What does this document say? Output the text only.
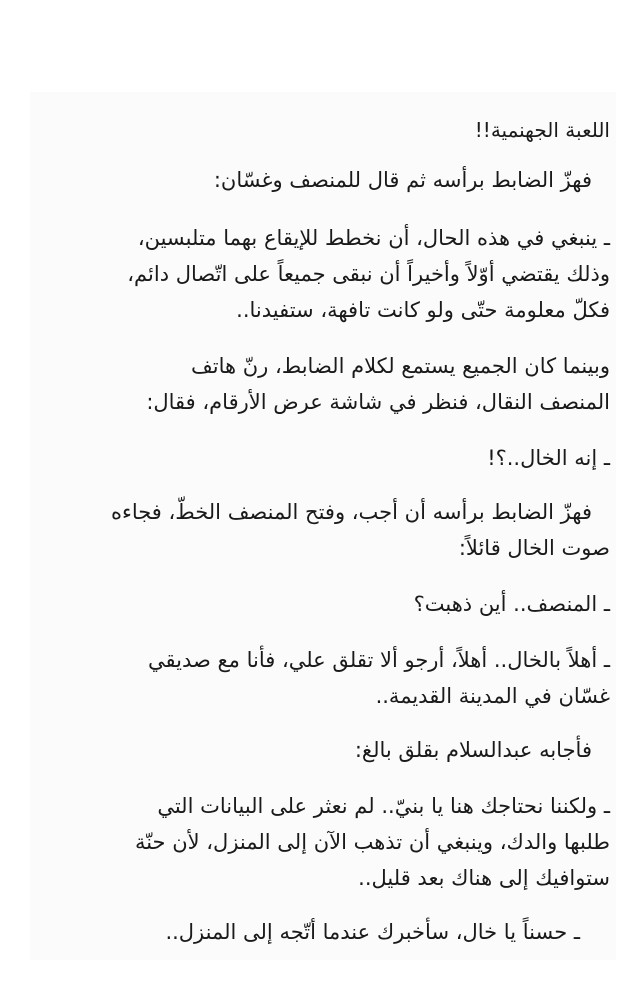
اللعبة الجهنمية!!
فهزّ الضابط برأسه ثم قال للمنصف وغسّان:
ـ ينبغي في هذه الحال، أن نخطط للإيقاع بهما متلبسين،
وذلك يقتضي أوّلاً وأخيراً أن نبقى جميعاً على اتّصال دائم،
فكلّ معلومة حتّى ولو كانت تافهة، ستفيدنا..
وبينما كان الجميع يستمع لكلام الضابط، رنّ هاتف
المنصف النقال، فنظر في شاشة عرض الأرقام، فقال:
ـ إنه الخال..؟!
فهزّ الضابط برأسه أن أجب، وفتح المنصف الخطّ، فجاءه
صوت الخال قائلاً:
ـ المنصف.. أين ذهبت؟
ـ أهلاً بالخال.. أهلاً، أرجو ألا تقلق علي، فأنا مع صديقي
غسّان في المدينة القديمة..
فأجابه عبدالسلام بقلق بالغ:
ـ ولكننا نحتاجك هنا يا بنيّ.. لم نعثر على البيانات التي
طلبها والدك، وينبغي أن تذهب الآن إلى المنزل، لأن حنّة
ستوافيك إلى هناك بعد قليل..
ـ حسناً يا خال، سأخبرك عندما أتّجه إلى المنزل..
